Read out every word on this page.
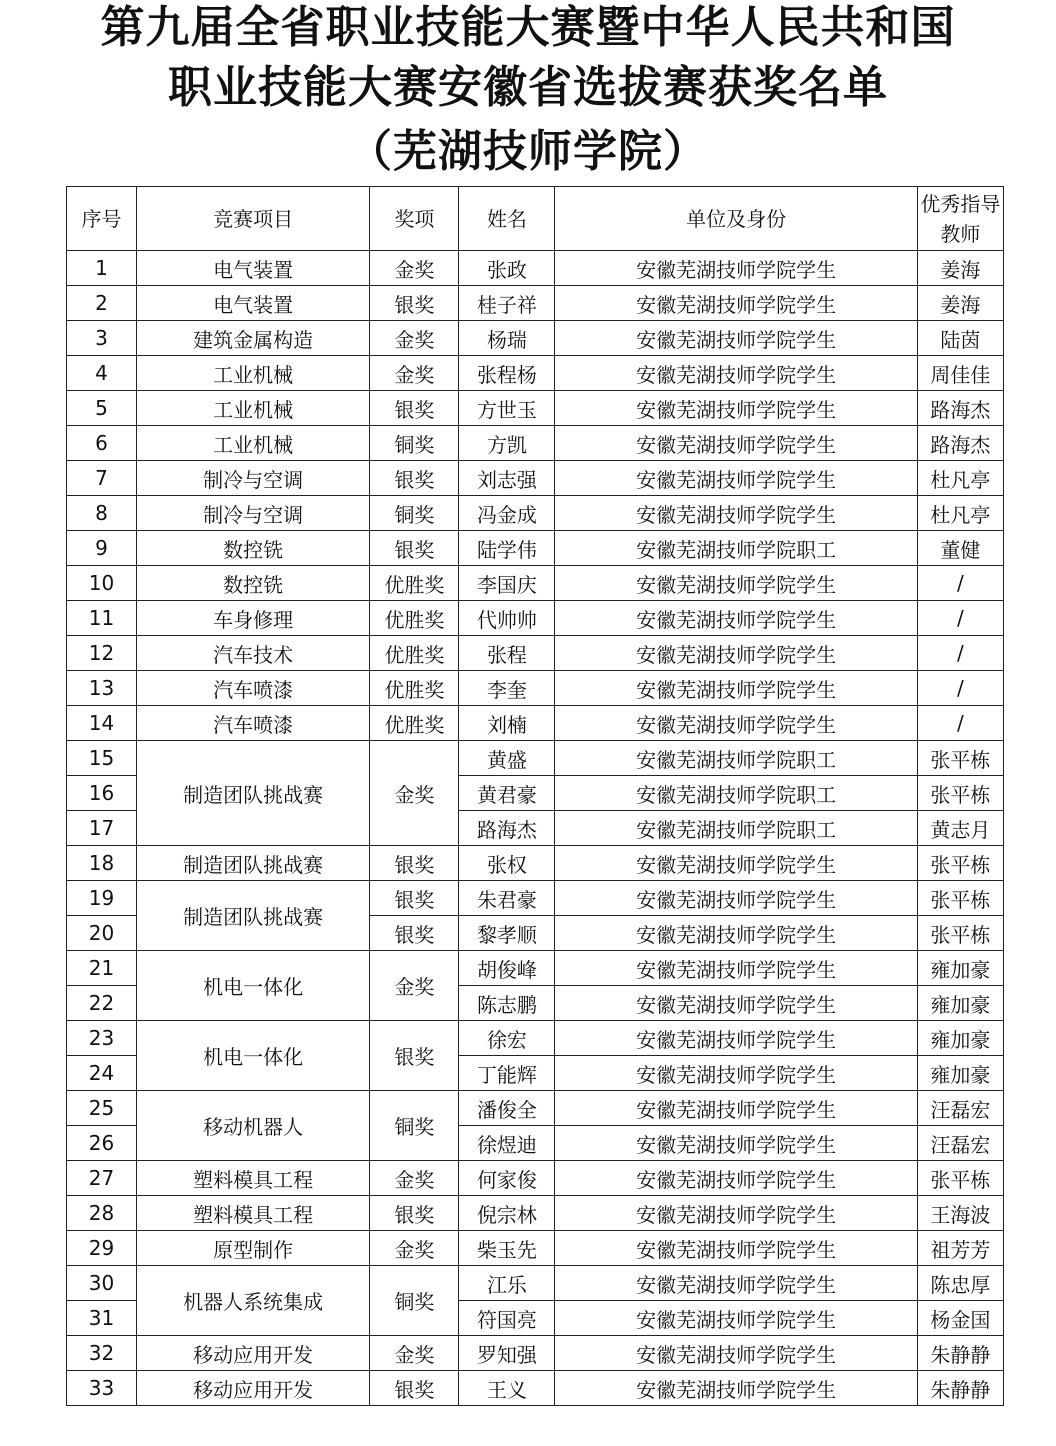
第九届全省职业技能大赛暨中华人民共和国
职业技能大赛安徽省选拔赛获奖名单
（芜湖技师学院）
序号	竞赛项目	奖项	姓名	单位及身份	优秀指导教师
1	电气装置	金奖	张政	安徽芜湖技师学院学生	姜海
2	电气装置	银奖	桂子祥	安徽芜湖技师学院学生	姜海
3	建筑金属构造	金奖	杨瑞	安徽芜湖技师学院学生	陆茵
4	工业机械	金奖	张程杨	安徽芜湖技师学院学生	周佳佳
5	工业机械	银奖	方世玉	安徽芜湖技师学院学生	路海杰
6	工业机械	铜奖	方凯	安徽芜湖技师学院学生	路海杰
7	制冷与空调	银奖	刘志强	安徽芜湖技师学院学生	杜凡亭
8	制冷与空调	铜奖	冯金成	安徽芜湖技师学院学生	杜凡亭
9	数控铣	银奖	陆学伟	安徽芜湖技师学院职工	董健
10	数控铣	优胜奖	李国庆	安徽芜湖技师学院学生	/
11	车身修理	优胜奖	代帅帅	安徽芜湖技师学院学生	/
12	汽车技术	优胜奖	张程	安徽芜湖技师学院学生	/
13	汽车喷漆	优胜奖	李奎	安徽芜湖技师学院学生	/
14	汽车喷漆	优胜奖	刘楠	安徽芜湖技师学院学生	/
15	制造团队挑战赛	金奖	黄盛	安徽芜湖技师学院职工	张平栋
16			黄君豪	安徽芜湖技师学院职工	张平栋
17			路海杰	安徽芜湖技师学院职工	黄志月
18	制造团队挑战赛	银奖	张权	安徽芜湖技师学院学生	张平栋
19	制造团队挑战赛	银奖	朱君豪	安徽芜湖技师学院学生	张平栋
20		银奖	黎孝顺	安徽芜湖技师学院学生	张平栋
21	机电一体化	金奖	胡俊峰	安徽芜湖技师学院学生	雍加豪
22			陈志鹏	安徽芜湖技师学院学生	雍加豪
23	机电一体化	银奖	徐宏	安徽芜湖技师学院学生	雍加豪
24			丁能辉	安徽芜湖技师学院学生	雍加豪
25	移动机器人	铜奖	潘俊全	安徽芜湖技师学院学生	汪磊宏
26			徐煜迪	安徽芜湖技师学院学生	汪磊宏
27	塑料模具工程	金奖	何家俊	安徽芜湖技师学院学生	张平栋
28	塑料模具工程	银奖	倪宗林	安徽芜湖技师学院学生	王海波
29	原型制作	金奖	柴玉先	安徽芜湖技师学院学生	祖芳芳
30	机器人系统集成	铜奖	江乐	安徽芜湖技师学院学生	陈忠厚
31			符国亮	安徽芜湖技师学院学生	杨金国
32	移动应用开发	金奖	罗知强	安徽芜湖技师学院学生	朱静静
33	移动应用开发	银奖	王义	安徽芜湖技师学院学生	朱静静
